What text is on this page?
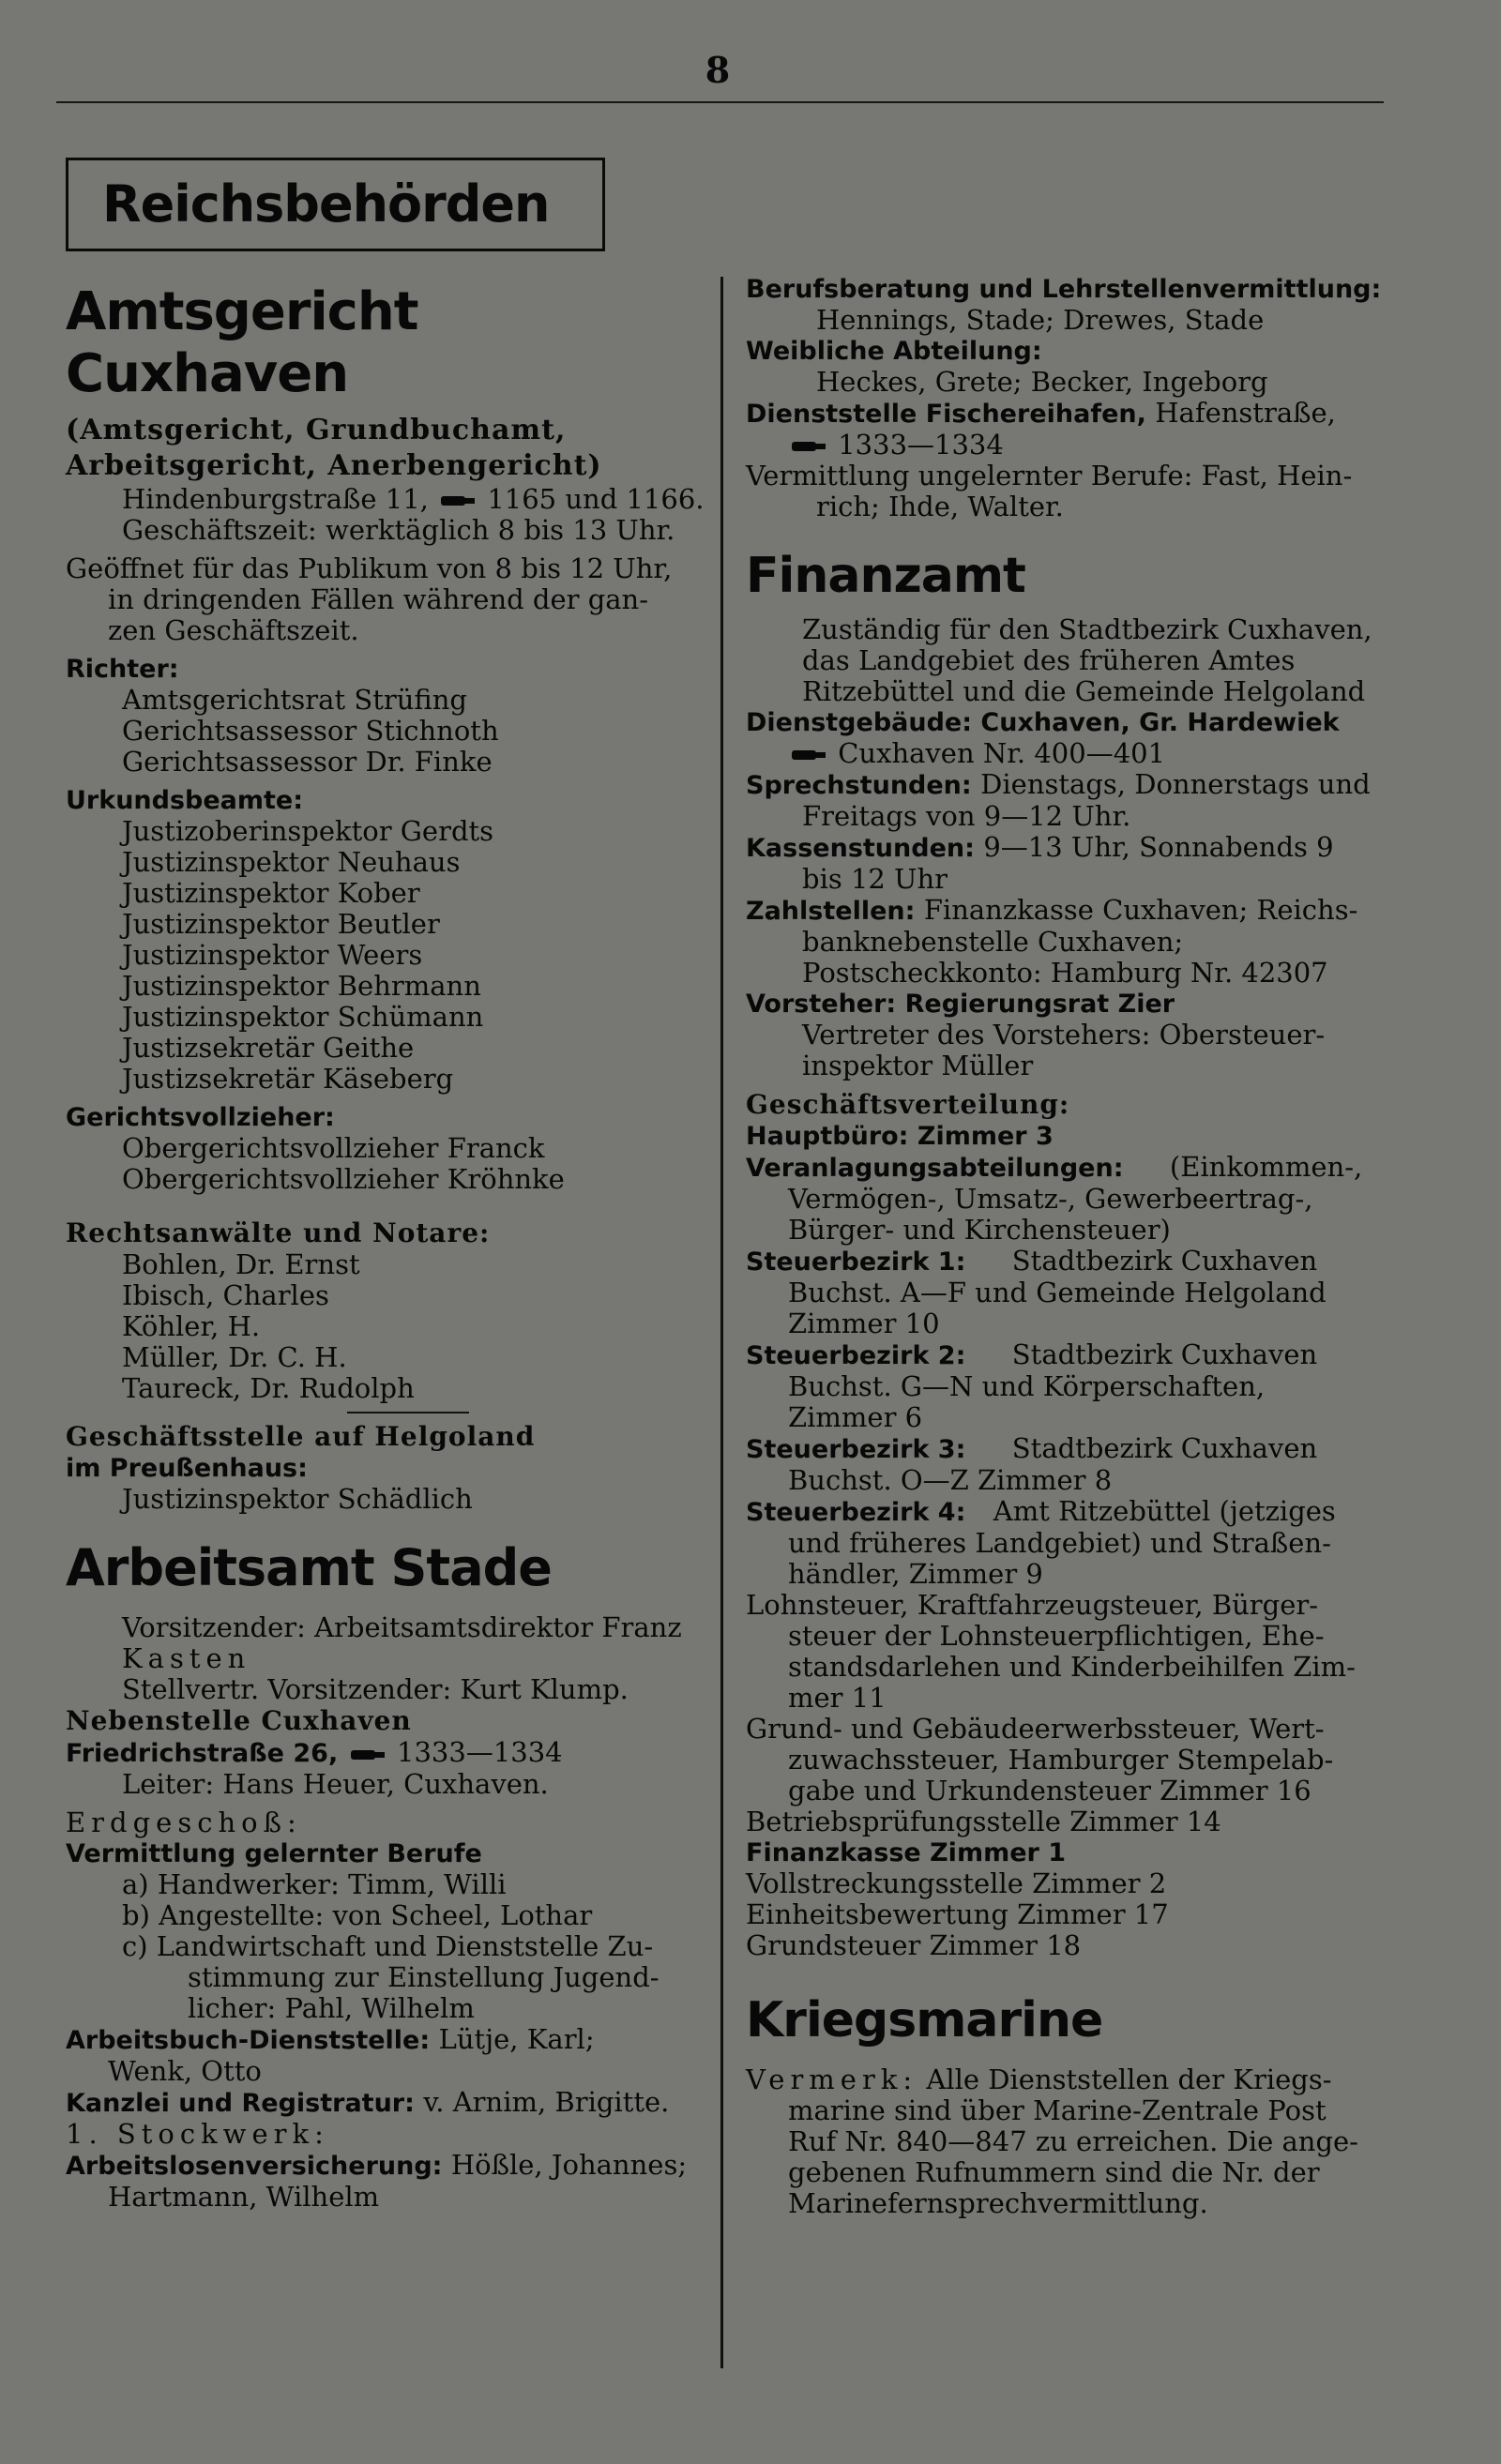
8
Reichsbehörden
Amtsgericht
Cuxhaven
(Amtsgericht, Grundbuchamt,
Arbeitsgericht, Anerbengericht)
Hindenburgstraße 11, 1165 und 1166.
Geschäftszeit: werktäglich 8 bis 13 Uhr.
Geöffnet für das Publikum von 8 bis 12 Uhr,
in dringenden Fällen während der gan-
zen Geschäftszeit.
Richter:
Amtsgerichtsrat Strüfing
Gerichtsassessor Stichnoth
Gerichtsassessor Dr. Finke
Urkundsbeamte:
Justizoberinspektor Gerdts
Justizinspektor Neuhaus
Justizinspektor Kober
Justizinspektor Beutler
Justizinspektor Weers
Justizinspektor Behrmann
Justizinspektor Schümann
Justizsekretär Geithe
Justizsekretär Käseberg
Gerichtsvollzieher:
Obergerichtsvollzieher Franck
Obergerichtsvollzieher Kröhnke
Rechtsanwälte und Notare:
Bohlen, Dr. Ernst
Ibisch, Charles
Köhler, H.
Müller, Dr. C. H.
Taureck, Dr. Rudolph
Geschäftsstelle auf Helgoland
im Preußenhaus:
Justizinspektor Schädlich
Arbeitsamt Stade
Vorsitzender: Arbeitsamtsdirektor Franz
Kasten
Stellvertr. Vorsitzender: Kurt Klump.
Nebenstelle Cuxhaven
Friedrichstraße 26, 1333—1334
Leiter: Hans Heuer, Cuxhaven.
Erdgeschoß:
Vermittlung gelernter Berufe
a) Handwerker: Timm, Willi
b) Angestellte: von Scheel, Lothar
c) Landwirtschaft und Dienststelle Zu-
stimmung zur Einstellung Jugend-
licher: Pahl, Wilhelm
Arbeitsbuch-Dienststelle: Lütje, Karl;
Wenk, Otto
Kanzlei und Registratur: v. Arnim, Brigitte.
1. Stockwerk:
Arbeitslosenversicherung: Hößle, Johannes;
Hartmann, Wilhelm
Berufsberatung und Lehrstellenvermittlung:
Hennings, Stade; Drewes, Stade
Weibliche Abteilung:
Heckes, Grete; Becker, Ingeborg
Dienststelle Fischereihafen, Hafenstraße,
1333—1334
Vermittlung ungelernter Berufe: Fast, Hein-
rich; Ihde, Walter.
Finanzamt
Zuständig für den Stadtbezirk Cuxhaven,
das Landgebiet des früheren Amtes
Ritzebüttel und die Gemeinde Helgoland
Dienstgebäude: Cuxhaven, Gr. Hardewiek
Cuxhaven Nr. 400—401
Sprechstunden: Dienstags, Donnerstags und
Freitags von 9—12 Uhr.
Kassenstunden: 9—13 Uhr, Sonnabends 9
bis 12 Uhr
Zahlstellen: Finanzkasse Cuxhaven; Reichs-
banknebenstelle Cuxhaven;
Postscheckkonto: Hamburg Nr. 42307
Vorsteher: Regierungsrat Zier
Vertreter des Vorstehers: Obersteuer-
inspektor Müller
Geschäftsverteilung:
Hauptbüro: Zimmer 3
Veranlagungsabteilungen: (Einkommen-,
Vermögen-, Umsatz-, Gewerbeertrag-,
Bürger- und Kirchensteuer)
Steuerbezirk 1: Stadtbezirk Cuxhaven
Buchst. A—F und Gemeinde Helgoland
Zimmer 10
Steuerbezirk 2: Stadtbezirk Cuxhaven
Buchst. G—N und Körperschaften,
Zimmer 6
Steuerbezirk 3: Stadtbezirk Cuxhaven
Buchst. O—Z Zimmer 8
Steuerbezirk 4: Amt Ritzebüttel (jetziges
und früheres Landgebiet) und Straßen-
händler, Zimmer 9
Lohnsteuer, Kraftfahrzeugsteuer, Bürger-
steuer der Lohnsteuerpflichtigen, Ehe-
standsdarlehen und Kinderbeihilfen Zim-
mer 11
Grund- und Gebäudeerwerbssteuer, Wert-
zuwachssteuer, Hamburger Stempelab-
gabe und Urkundensteuer Zimmer 16
Betriebsprüfungsstelle Zimmer 14
Finanzkasse Zimmer 1
Vollstreckungsstelle Zimmer 2
Einheitsbewertung Zimmer 17
Grundsteuer Zimmer 18
Kriegsmarine
Vermerk: Alle Dienststellen der Kriegs-
marine sind über Marine-Zentrale Post
Ruf Nr. 840—847 zu erreichen. Die ange-
gebenen Rufnummern sind die Nr. der
Marinefernsprechvermittlung.
